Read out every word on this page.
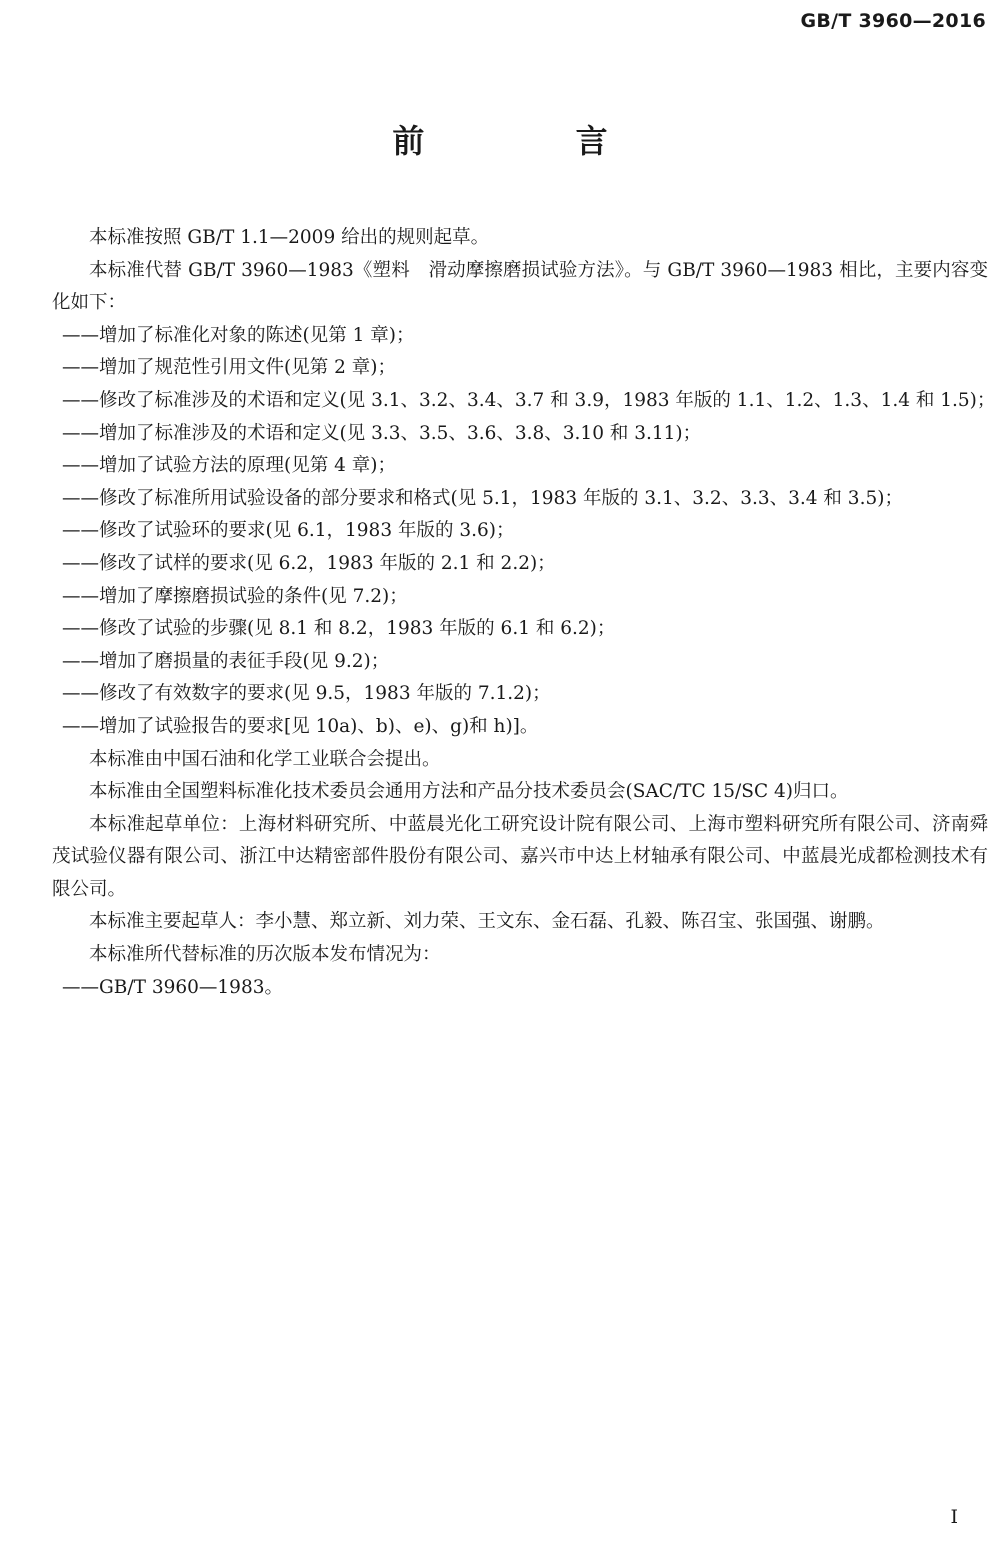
GB/T 3960—2016
前 言

本标准按照 GB/T 1.1—2009 给出的规则起草。

本标准代替 GB/T 3960—1983《塑料　滑动摩擦磨损试验方法》。与 GB/T 3960—1983 相比，主要内容变化如下：

——增加了标准化对象的陈述(见第 1 章)；

——增加了规范性引用文件(见第 2 章)；

——修改了标准涉及的术语和定义(见 3.1、3.2、3.4、3.7 和 3.9，1983 年版的 1.1、1.2、1.3、1.4 和 1.5)；

——增加了标准涉及的术语和定义(见 3.3、3.5、3.6、3.8、3.10 和 3.11)；

——增加了试验方法的原理(见第 4 章)；

——修改了标准所用试验设备的部分要求和格式(见 5.1，1983 年版的 3.1、3.2、3.3、3.4 和 3.5)；

——修改了试验环的要求(见 6.1，1983 年版的 3.6)；

——修改了试样的要求(见 6.2，1983 年版的 2.1 和 2.2)；

——增加了摩擦磨损试验的条件(见 7.2)；

——修改了试验的步骤(见 8.1 和 8.2，1983 年版的 6.1 和 6.2)；

——增加了磨损量的表征手段(见 9.2)；

——修改了有效数字的要求(见 9.5，1983 年版的 7.1.2)；

——增加了试验报告的要求[见 10a)、b)、e)、g)和 h)]。

本标准由中国石油和化学工业联合会提出。

本标准由全国塑料标准化技术委员会通用方法和产品分技术委员会(SAC/TC 15/SC 4)归口。

本标准起草单位：上海材料研究所、中蓝晨光化工研究设计院有限公司、上海市塑料研究所有限公司、济南舜茂试验仪器有限公司、浙江中达精密部件股份有限公司、嘉兴市中达上材轴承有限公司、中蓝晨光成都检测技术有限公司。

本标准主要起草人：李小慧、郑立新、刘力荣、王文东、金石磊、孔毅、陈召宝、张国强、谢鹏。

本标准所代替标准的历次版本发布情况为：

——GB/T 3960—1983。

I
